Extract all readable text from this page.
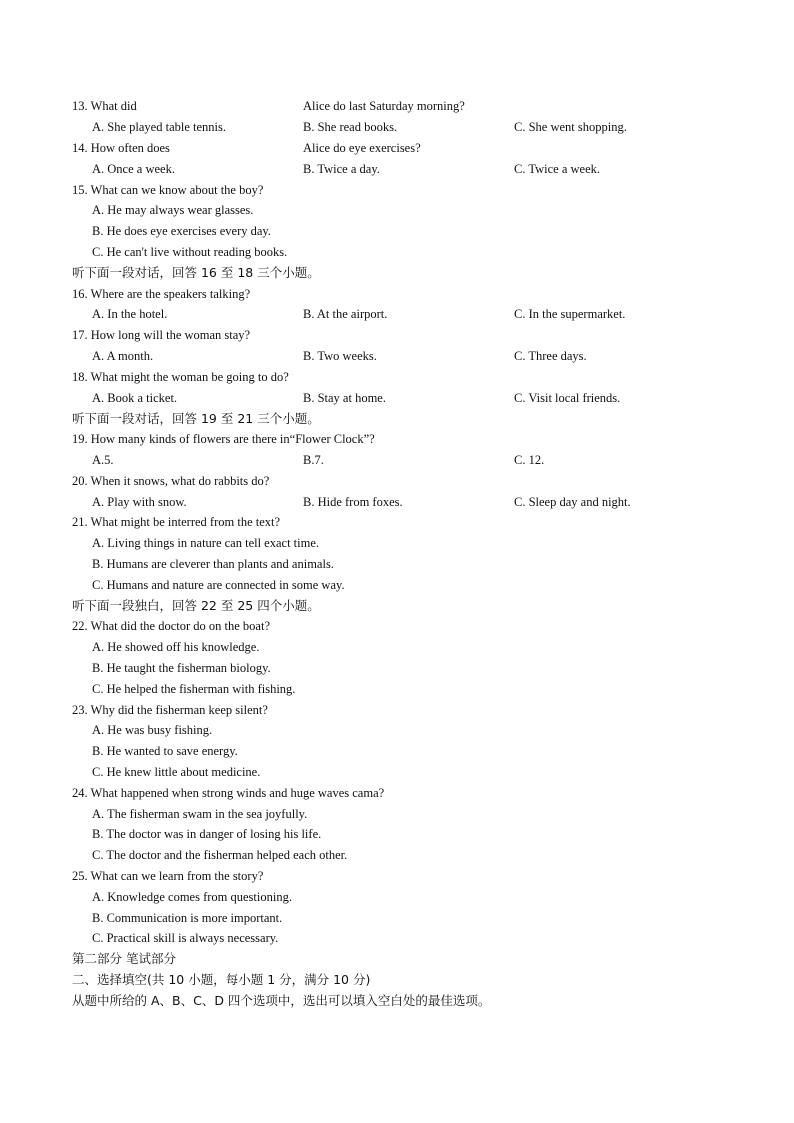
13. What did	Alice do last Saturday morning?
A. She played table tennis.	B. She read books.	C. She went shopping.
14. How often does	Alice do eye exercises?
A. Once a week.	B. Twice a day.	C. Twice a week.
15. What can we know about the boy?
A. He may always wear glasses.
B. He does eye exercises every day.
C. He can't live without reading books.
听下面一段对话，回答 16 至 18 三个小题。
16. Where are the speakers talking?
A. In the hotel.	B. At the airport.	C. In the supermarket.
17. How long will the woman stay?
A. A month.	B. Two weeks.	C. Three days.
18. What might the woman be going to do?
A. Book a ticket.	B. Stay at home.	C. Visit local friends.
听下面一段对话，回答 19 至 21 三个小题。
19. How many kinds of flowers are there in“Flower Clock”?
A.5.	B.7.	C. 12.
20. When it snows, what do rabbits do?
A. Play with snow.	B. Hide from foxes.	C. Sleep day and night.
21. What might be interred from the text?
A. Living things in nature can tell exact time.
B. Humans are cleverer than plants and animals.
C. Humans and nature are connected in some way.
听下面一段独白，回答 22 至 25 四个小题。
22. What did the doctor do on the boat?
A. He showed off his knowledge.
B. He taught the fisherman biology.
C. He helped the fisherman with fishing.
23. Why did the fisherman keep silent?
A. He was busy fishing.
B. He wanted to save energy.
C. He knew little about medicine.
24. What happened when strong winds and huge waves cama?
A. The fisherman swam in the sea joyfully.
B. The doctor was in danger of losing his life.
C. The doctor and the fisherman helped each other.
25. What can we learn from the story?
A. Knowledge comes from questioning.
B. Communication is more important.
C. Practical skill is always necessary.
第二部分 笔试部分
二、选择填空(共 10 小题，每小题 1 分，满分 10 分)
从题中所给的 A、B、C、D 四个选项中，选出可以填入空白处的最佳选项。
